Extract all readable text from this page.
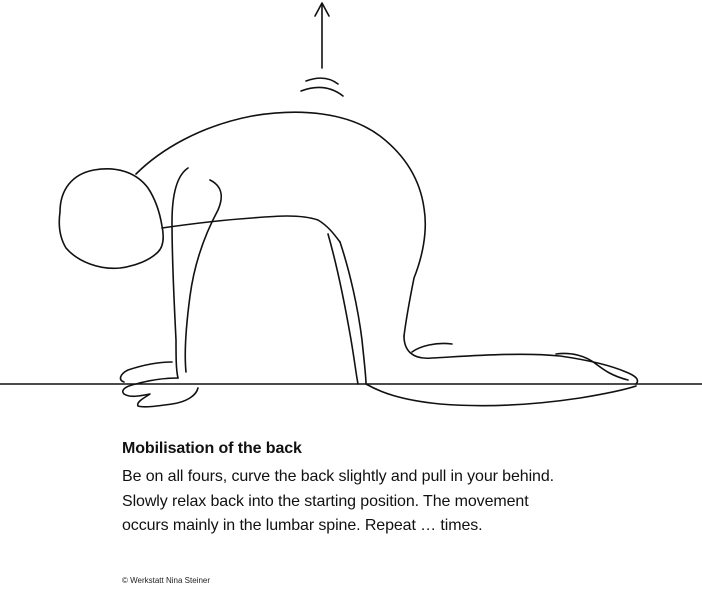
Mobilisation of the back
Be on all fours, curve the back slightly and pull in your behind. Slowly relax back into the starting position. The movement occurs mainly in the lumbar spine. Repeat … times.
© Werkstatt Nina Steiner
